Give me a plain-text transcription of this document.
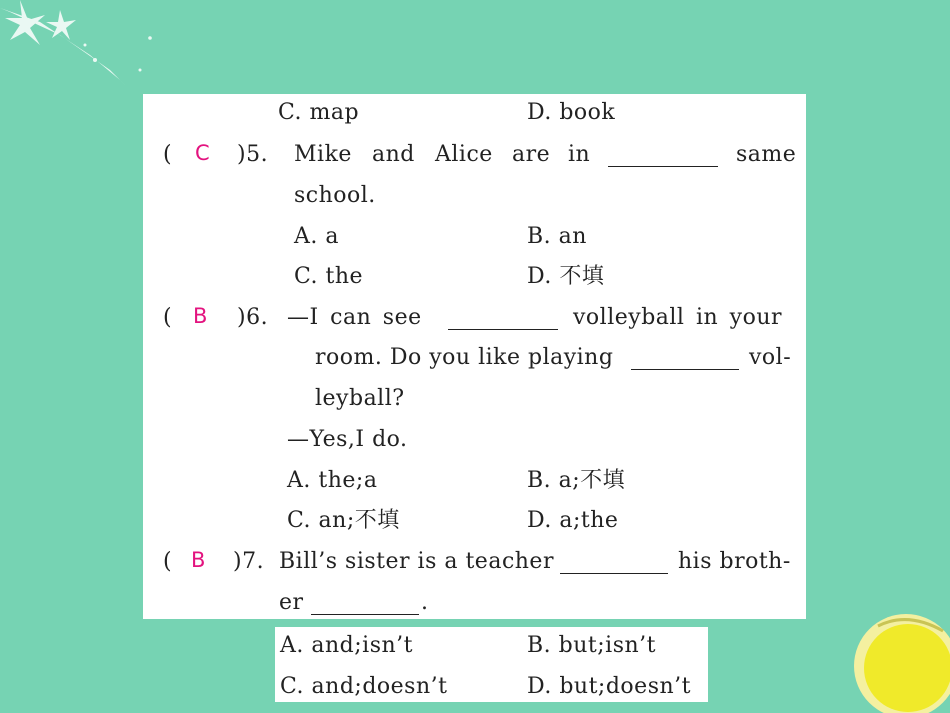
C. map	D. book
( C )5. Mike and Alice are in	same
school.
A. a	B. an
C. the	D. 不填
( B )6. —I can see	volleyball in your
room. Do you like playing	vol-
leyball?
—Yes,I do.
A. the;a	B. a;不填
C. an;不填	D. a;the
( B )7. Bill’s sister is a teacher	his broth-
er	.
A. and;isn’t	B. but;isn’t
C. and;doesn’t	D. but;doesn’t
